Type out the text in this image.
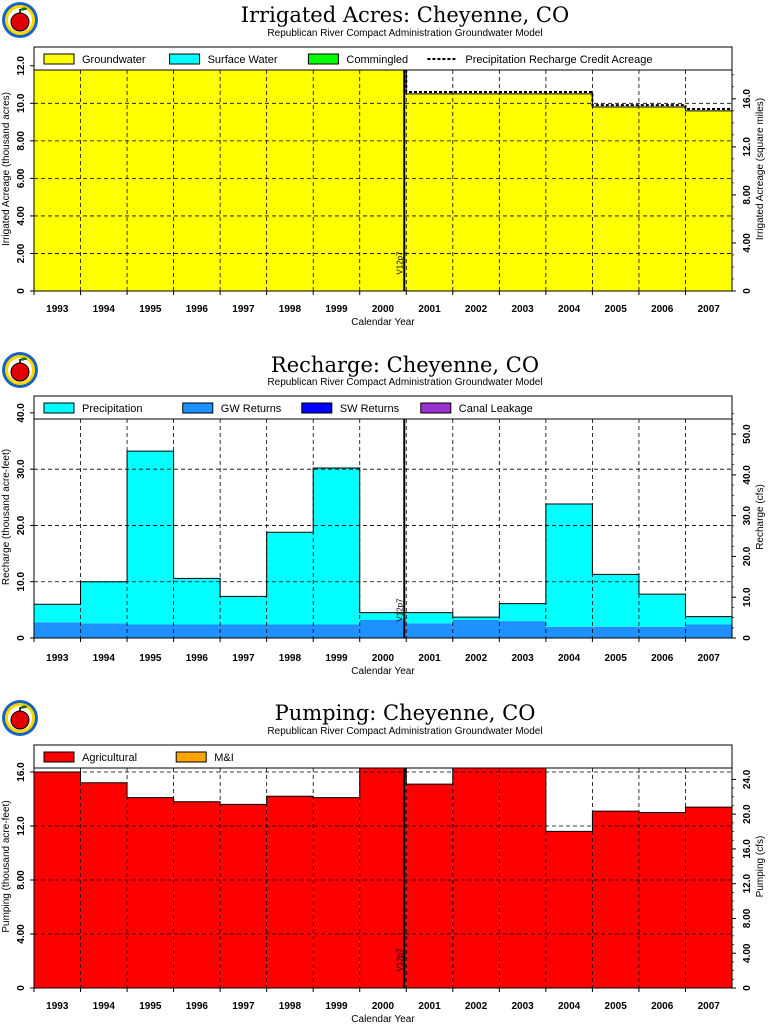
Irrigated Acres: Cheyenne, CO
Republican River Compact Administration Groundwater Model
V12p7
Groundwater	Surface Water	Commingled	Precipitation Recharge Credit Acreage
0
2.00
4.00
6.00
8.00
10.0
12.0
Irrigated Acreage (thousand acres)
0
4.00
8.00
12.0
16.0 Irrigated Acreage (square miles)
1993 1994 1995 1996 1997 1998 1999 2000 2001 2002 2003 2004 2005 2006 2007
Calendar Year
Recharge: Cheyenne, CO
Republican River Compact Administration Groundwater Model
V12p7
Precipitation	GW Returns	SW Returns	Canal Leakage
0
10.0
20.0
30.0
40.0
Recharge (thousand acre-feet)
0
10.0
20.0
30.0
40.0
50.0
Recharge (cfs)
1993 1994 1995 1996 1997 1998 1999 2000 2001 2002 2003 2004 2005 2006 2007
Calendar Year
Pumping: Cheyenne, CO
Republican River Compact Administration Groundwater Model
V12p7
Agricultural	M&I
0
4.00
8.00
12.0
16.0
Pumping (thousand acre-feet)
0
4.00
8.00
12.0
16.0
20.0
24.0
Pumping (cfs)
1993 1994 1995 1996 1997 1998 1999 2000 2001 2002 2003 2004 2005 2006 2007
Calendar Year
